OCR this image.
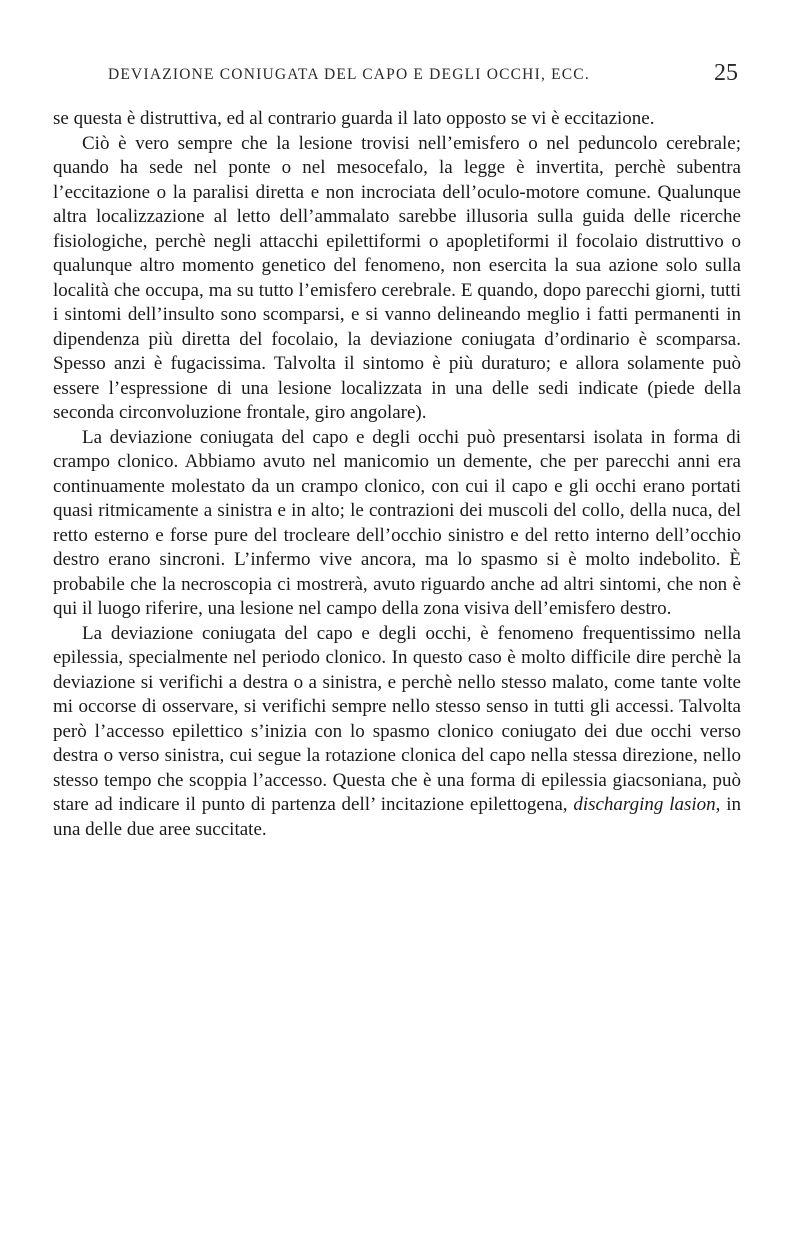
DEVIAZIONE CONIUGATA DEL CAPO E DEGLI OCCHI, ECC.	25

se questa è distruttiva, ed al contrario guarda il lato opposto se vi è eccitazione.

Ciò è vero sempre che la lesione trovisi nell’emisfero o nel peduncolo cerebrale; quando ha sede nel ponte o nel mesocefalo, la legge è invertita, perchè subentra l’eccitazione o la paralisi diretta e non incrociata dell’oculo-motore comune. Qualunque altra localizzazione al letto dell’ammalato sarebbe illusoria sulla guida delle ricerche fisiologiche, perchè negli attacchi epilettiformi o apopletiformi il focolaio distruttivo o qualunque altro momento genetico del fenomeno, non esercita la sua azione solo sulla località che occupa, ma su tutto l’emisfero cerebrale. E quando, dopo parecchi giorni, tutti i sintomi dell’insulto sono scomparsi, e si vanno delineando meglio i fatti permanenti in dipendenza più diretta del focolaio, la deviazione coniugata d’ordinario è scomparsa. Spesso anzi è fugacissima. Talvolta il sintomo è più duraturo; e allora solamente può essere l’espressione di una lesione localizzata in una delle sedi indicate (piede della seconda circonvoluzione frontale, giro angolare).

La deviazione coniugata del capo e degli occhi può presentarsi isolata in forma di crampo clonico. Abbiamo avuto nel manicomio un demente, che per parecchi anni era continuamente molestato da un crampo clonico, con cui il capo e gli occhi erano portati quasi ritmicamente a sinistra e in alto; le contrazioni dei muscoli del collo, della nuca, del retto esterno e forse pure del trocleare dell’occhio sinistro e del retto interno dell’occhio destro erano sincroni. L’infermo vive ancora, ma lo spasmo si è molto indebolito. È probabile che la necroscopia ci mostrerà, avuto riguardo anche ad altri sintomi, che non è qui il luogo riferire, una lesione nel campo della zona visiva dell’emisfero destro.

La deviazione coniugata del capo e degli occhi, è fenomeno frequentissimo nella epilessia, specialmente nel periodo clonico. In questo caso è molto difficile dire perchè la deviazione si verifichi a destra o a sinistra, e perchè nello stesso malato, come tante volte mi occorse di osservare, si verifichi sempre nello stesso senso in tutti gli accessi. Talvolta però l’accesso epilettico s’inizia con lo spasmo clonico coniugato dei due occhi verso destra o verso sinistra, cui segue la rotazione clonica del capo nella stessa direzione, nello stesso tempo che scoppia l’accesso. Questa che è una forma di epilessia giacsoniana, può stare ad indicare il punto di partenza dell’ incitazione epilettogena, discharging lasion, in una delle due aree succitate.
